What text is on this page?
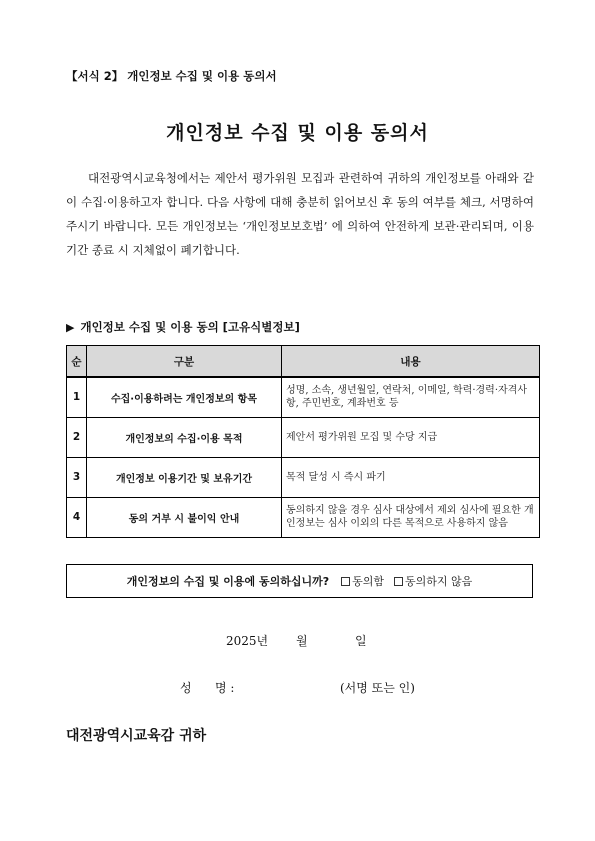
【서식 2】 개인정보 수집 및 이용 동의서
개인정보 수집 및 이용 동의서
대전광역시교육청에서는 제안서 평가위원 모집과 관련하여 귀하의 개인정보를 아래와 같이 수집·이용하고자 합니다. 다음 사항에 대해 충분히 읽어보신 후 동의 여부를 체크, 서명하여 주시기 바랍니다. 모든 개인정보는 ‘개인정보보호법’ 에 의하여 안전하게 보관·관리되며, 이용 기간 종료 시 지체없이 폐기합니다.
▶ 개인정보 수집 및 이용 동의 [고유식별정보]
순	구분	내용
1	수집·이용하려는 개인정보의 항목	성명, 소속, 생년월일, 연락처, 이메일, 학력·경력·자격사항, 주민번호, 계좌번호 등
2	개인정보의 수집·이용 목적	제안서 평가위원 모집 및 수당 지급
3	개인정보 이용기간 및 보유기간	목적 달성 시 즉시 파기
4	동의 거부 시 불이익 안내	동의하지 않을 경우 심사 대상에서 제외 심사에 필요한 개인정보는 심사 이외의 다른 목적으로 사용하지 않음
개인정보의 수집 및 이용에 동의하십니까? 동의함 동의하지 않음
2025년 월	일
성 명 :	(서명 또는 인)
대전광역시교육감 귀하
